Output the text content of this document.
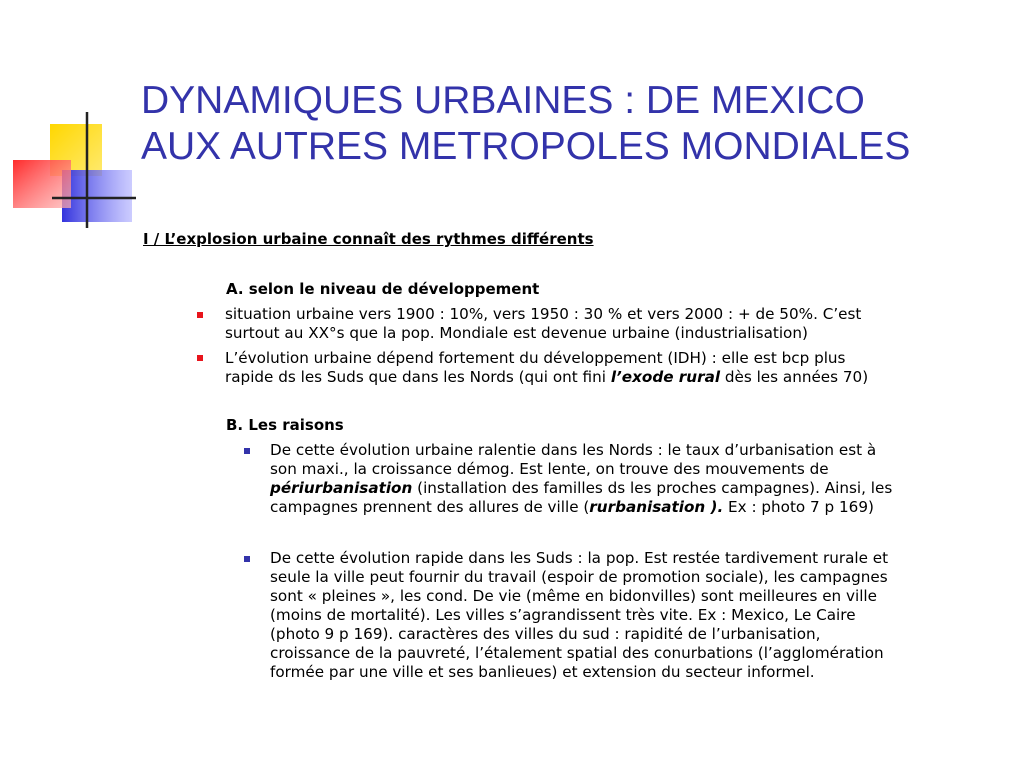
DYNAMIQUES URBAINES : DE MEXICO
AUX AUTRES METROPOLES MONDIALES
I / L’explosion urbaine connaît des rythmes différents
A. selon le niveau de développement
situation urbaine vers 1900 : 10%, vers 1950 : 30 % et vers 2000 : + de 50%. C’est
surtout au XX°s que la pop. Mondiale est devenue urbaine (industrialisation)
L’évolution urbaine dépend fortement du développement (IDH) : elle est bcp plus
rapide ds les Suds que dans les Nords (qui ont fini l’exode rural dès les années 70)
B. Les raisons
De cette évolution urbaine ralentie dans les Nords : le taux d’urbanisation est à
son maxi., la croissance démog. Est lente, on trouve des mouvements de
périurbanisation (installation des familles ds les proches campagnes). Ainsi, les
campagnes prennent des allures de ville (rurbanisation ). Ex : photo 7 p 169)
De cette évolution rapide dans les Suds : la pop. Est restée tardivement rurale et
seule la ville peut fournir du travail (espoir de promotion sociale), les campagnes
sont « pleines », les cond. De vie (même en bidonvilles) sont meilleures en ville
(moins de mortalité). Les villes s’agrandissent très vite. Ex : Mexico, Le Caire
(photo 9 p 169). caractères des villes du sud : rapidité de l’urbanisation,
croissance de la pauvreté, l’étalement spatial des conurbations (l’agglomération
formée par une ville et ses banlieues) et extension du secteur informel.
